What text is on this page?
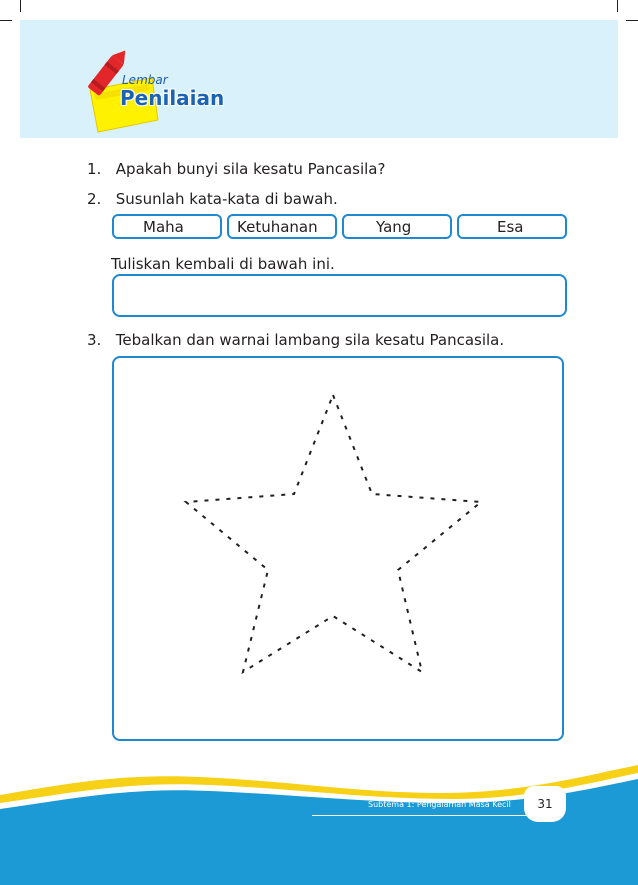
Lembar
Penilaian
1. Apakah bunyi sila kesatu Pancasila?
2. Susunlah kata-kata di bawah.
Maha	Ketuhanan	Yang	Esa
Tuliskan kembali di bawah ini.
3. Tebalkan dan warnai lambang sila kesatu Pancasila.
Subtema 1: Pengalaman Masa Kecil	31
